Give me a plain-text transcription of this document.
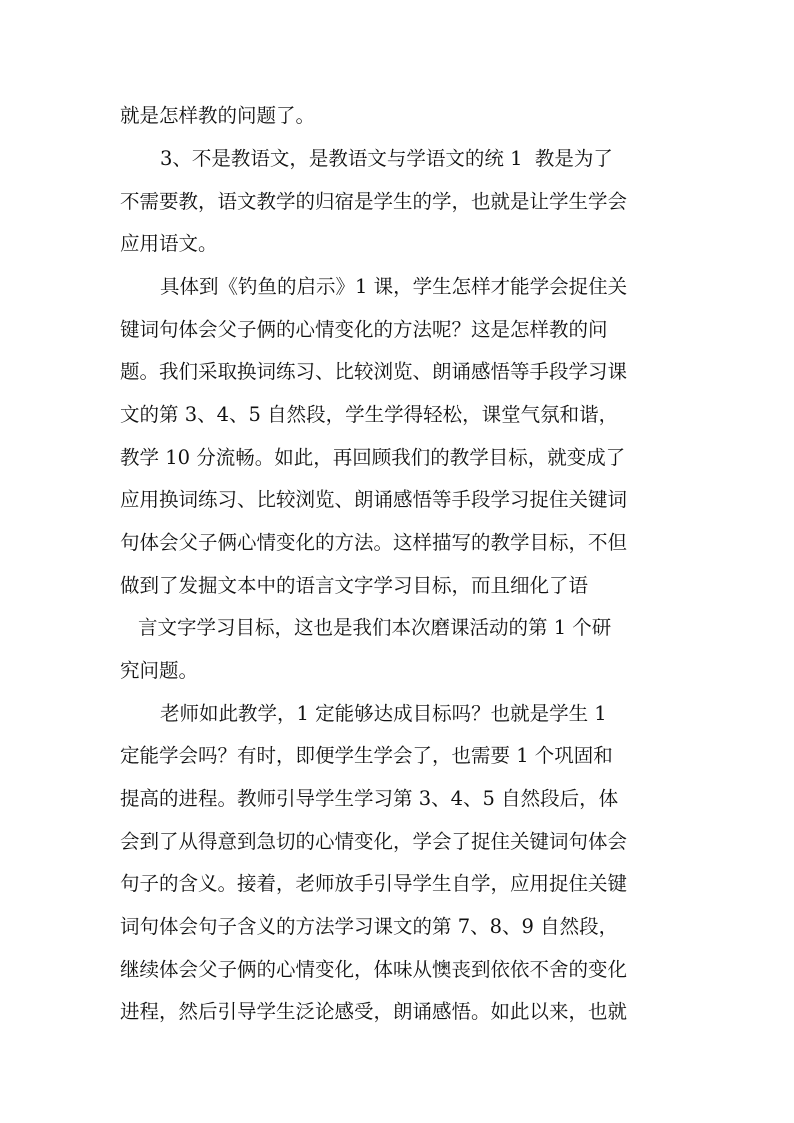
就是怎样教的问题了。
3、不是教语文，是教语文与学语文的统 1  教是为了
不需要教，语文教学的归宿是学生的学，也就是让学生学会
应用语文。
具体到《钓鱼的启示》1 课，学生怎样才能学会捉住关
键词句体会父子俩的心情变化的方法呢？这是怎样教的问
题。我们采取换词练习、比较浏览、朗诵感悟等手段学习课
文的第 3、4、5 自然段，学生学得轻松，课堂气氛和谐，
教学 10 分流畅。如此，再回顾我们的教学目标，就变成了
应用换词练习、比较浏览、朗诵感悟等手段学习捉住关键词
句体会父子俩心情变化的方法。这样描写的教学目标，不但
做到了发掘文本中的语言文字学习目标，而且细化了语
言文字学习目标，这也是我们本次磨课活动的第 1 个研
究问题。
老师如此教学，1 定能够达成目标吗？也就是学生 1
定能学会吗？有时，即便学生学会了，也需要 1 个巩固和
提高的进程。教师引导学生学习第 3、4、5 自然段后，体
会到了从得意到急切的心情变化，学会了捉住关键词句体会
句子的含义。接着，老师放手引导学生自学，应用捉住关键
词句体会句子含义的方法学习课文的第 7、8、9 自然段，
继续体会父子俩的心情变化，体味从懊丧到依依不舍的变化
进程，然后引导学生泛论感受，朗诵感悟。如此以来，也就
